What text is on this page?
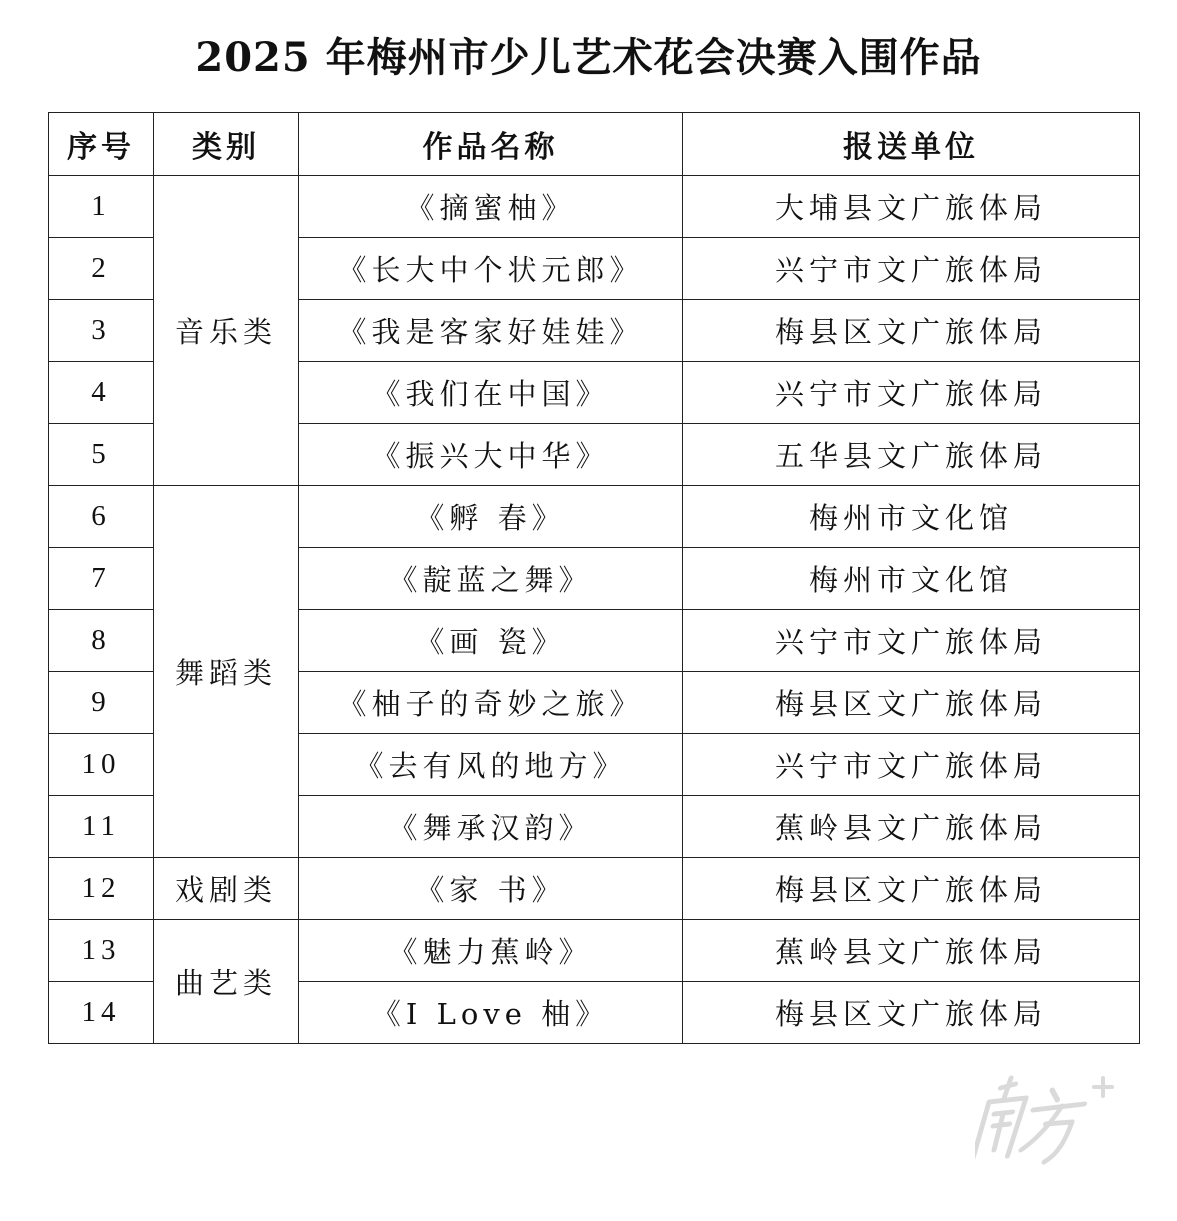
2025 年梅州市少儿艺术花会决赛入围作品
序号	类别	作品名称	报送单位
1	音乐类	《摘蜜柚》	大埔县文广旅体局
2		《长大中个状元郎》	兴宁市文广旅体局
3		《我是客家好娃娃》	梅县区文广旅体局
4		《我们在中国》	兴宁市文广旅体局
5		《振兴大中华》	五华县文广旅体局
6	舞蹈类	《孵 春》	梅州市文化馆
7		《靛蓝之舞》	梅州市文化馆
8		《画 瓷》	兴宁市文广旅体局
9		《柚子的奇妙之旅》	梅县区文广旅体局
10		《去有风的地方》	兴宁市文广旅体局
11		《舞承汉韵》	蕉岭县文广旅体局
12	戏剧类	《家 书》	梅县区文广旅体局
13	曲艺类	《魅力蕉岭》	蕉岭县文广旅体局
14		《I Love 柚》	梅县区文广旅体局
